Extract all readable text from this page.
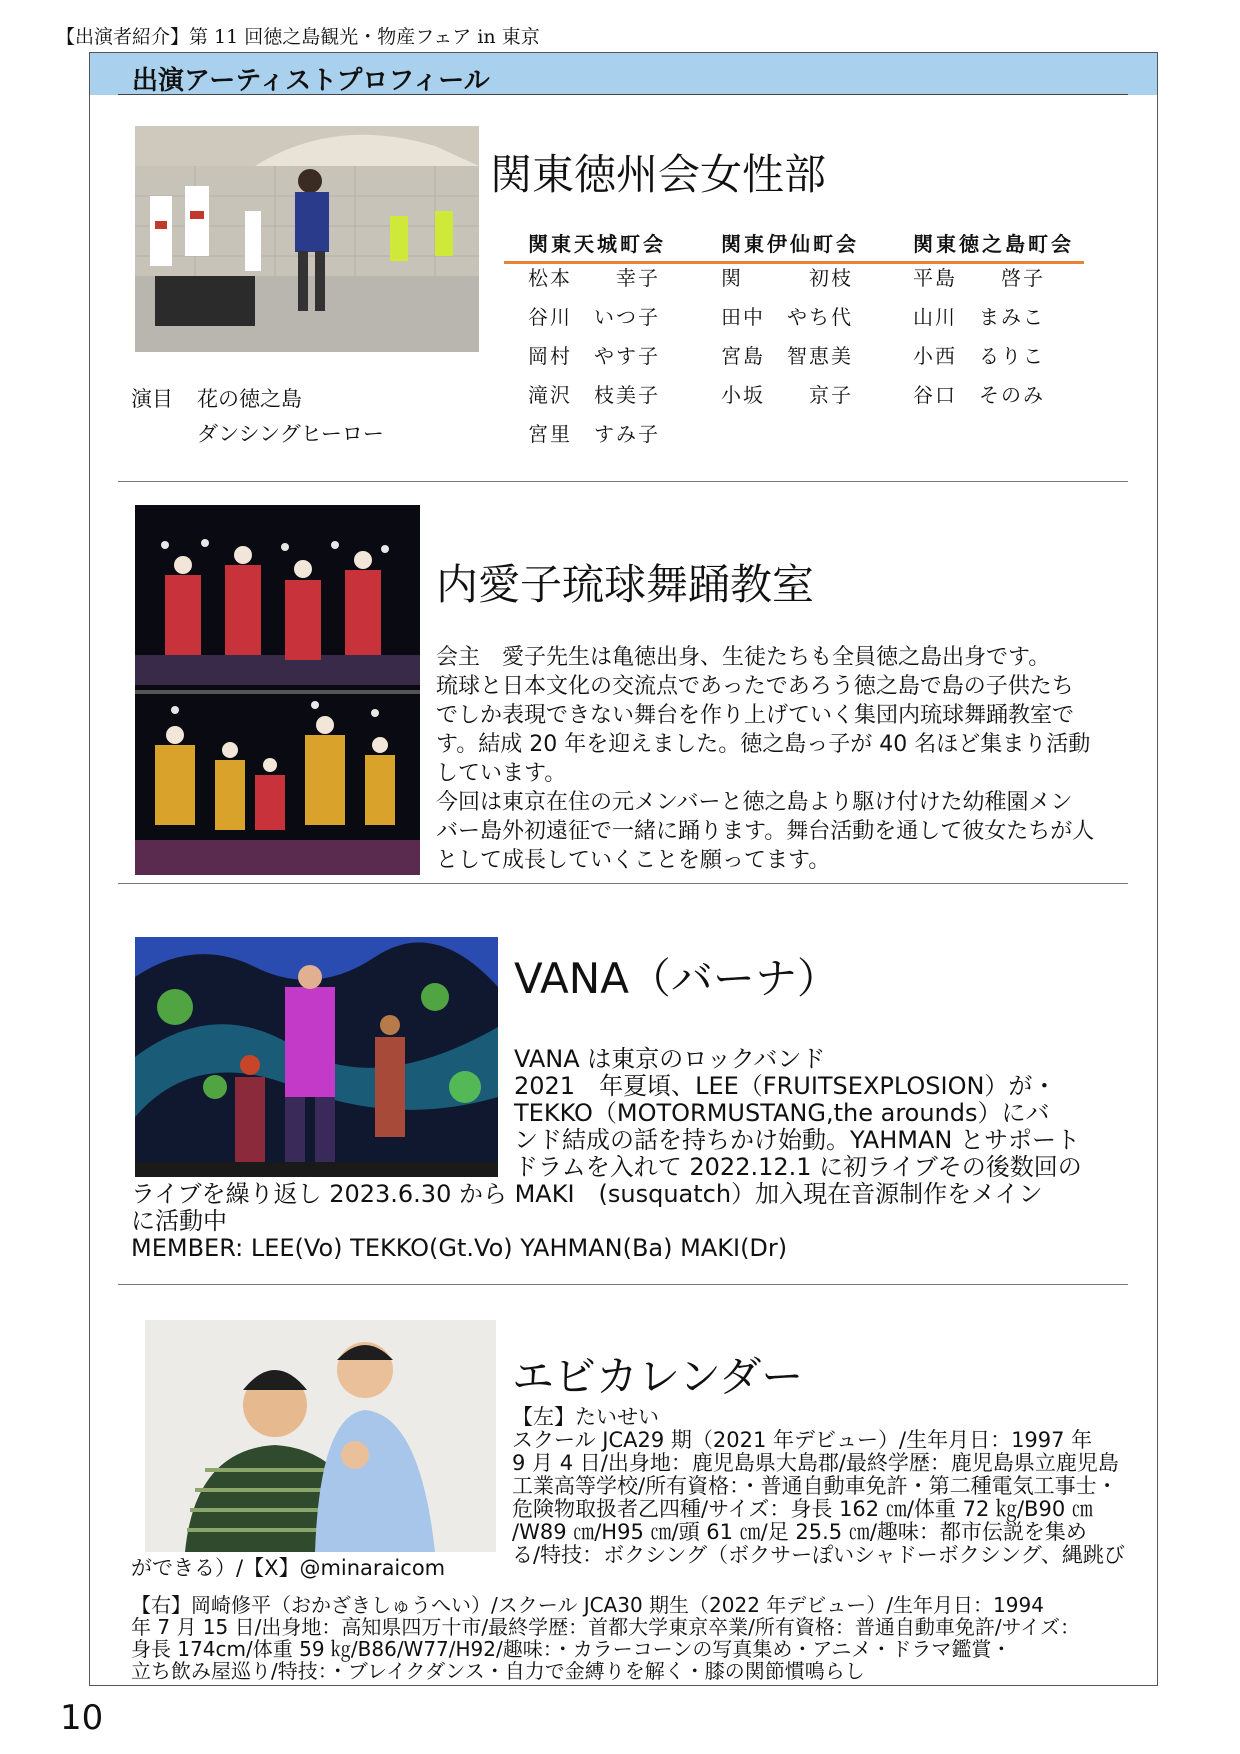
【出演者紹介】第 11 回徳之島観光・物産フェア in 東京
出演アーティストプロフィール
関東徳州会女性部
関東天城町会
松本　　幸子
谷川　いつ子
岡村　やす子
滝沢　枝美子
宮里　すみ子
関東伊仙町会
関　　　初枝
田中　やち代
宮島　智恵美
小坂　　京子
関東徳之島町会
平島　　啓子
山川　まみこ
小西　るりこ
谷口　そのみ
演目 花の徳之島
ダンシングヒーロー
内愛子琉球舞踊教室

会主　愛子先生は亀徳出身、生徒たちも全員徳之島出身です。

琉球と日本文化の交流点であったであろう徳之島で島の子供たち

でしか表現できない舞台を作り上げていく集団内琉球舞踊教室で

す。結成 20 年を迎えました。徳之島っ子が 40 名ほど集まり活動

しています。

今回は東京在住の元メンバーと徳之島より駆け付けた幼稚園メン

バー島外初遠征で一緒に踊ります。舞台活動を通して彼女たちが人

として成長していくことを願ってます。

VANA（バーナ）

VANA は東京のロックバンド

2021　年夏頃、LEE（FRUITSEXPLOSION）が・

TEKKO（MOTORMUSTANG,the arounds）にバ

ンド結成の話を持ちかけ始動。YAHMAN とサポート

ドラムを入れて 2022.12.1 に初ライブその後数回の

ライブを繰り返し 2023.6.30 から MAKI　(susquatch）加入現在音源制作をメイン

に活動中

MEMBER: LEE(Vo) TEKKO(Gt.Vo) YAHMAN(Ba) MAKI(Dr)

エビカレンダー

【左】たいせい

スクール JCA29 期（2021 年デビュー）/生年月日：1997 年

9 月 4 日/出身地：鹿児島県大島郡/最終学歴：鹿児島県立鹿児島

工業高等学校/所有資格：・普通自動車免許・第二種電気工事士・

危険物取扱者乙四種/サイズ：身長 162 ㎝/体重 72 ㎏/B90 ㎝

/W89 ㎝/H95 ㎝/頭 61 ㎝/足 25.5 ㎝/趣味：都市伝説を集め

る/特技：ボクシング（ボクサーぽいシャドーボクシング、縄跳び

ができる）/【X】@minaraicom

【右】岡崎修平（おかざきしゅうへい）/スクール JCA30 期生（2022 年デビュー）/生年月日：1994

年 7 月 15 日/出身地：高知県四万十市/最終学歴：首都大学東京卒業/所有資格：普通自動車免許/サイズ：

身長 174cm/体重 59 ㎏/B86/W77/H92/趣味：・カラーコーンの写真集め・アニメ・ドラマ鑑賞・

立ち飲み屋巡り/特技：・ブレイクダンス・自力で金縛りを解く・膝の関節慣鳴らし

10
